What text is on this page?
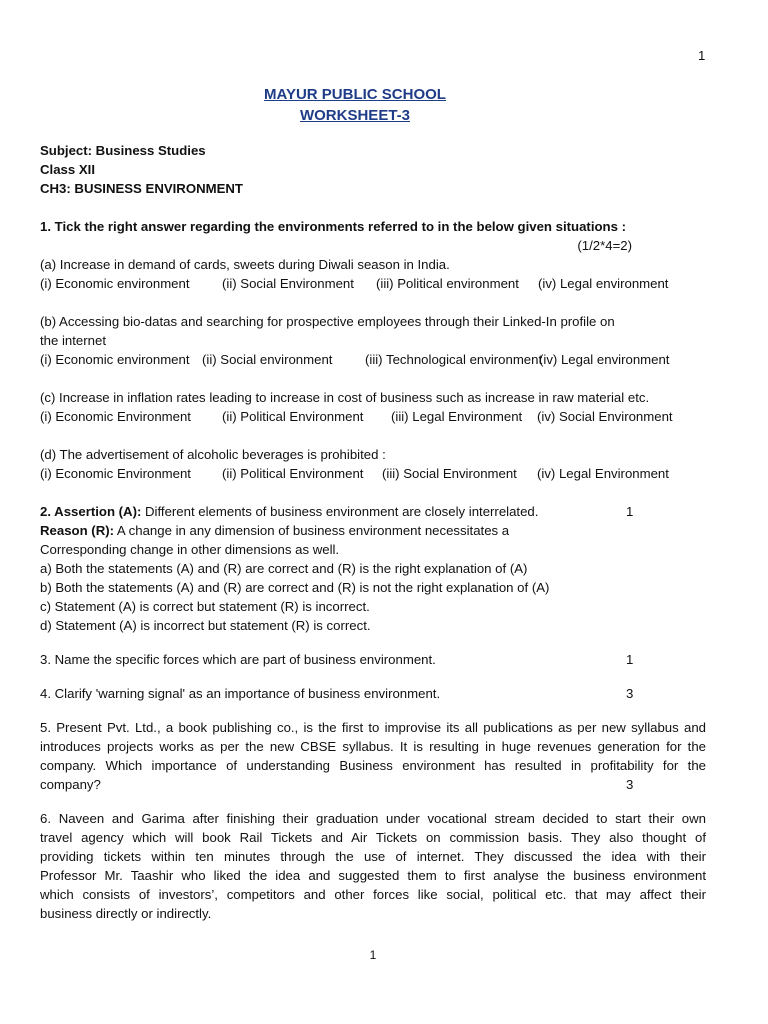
1
MAYUR PUBLIC SCHOOL
WORKSHEET-3
Subject: Business Studies
Class XII
CH3: BUSINESS ENVIRONMENT
1. Tick the right answer regarding the environments referred to in the below given situations :
(1/2*4=2)
(a) Increase in demand of cards, sweets during Diwali season in India.
(i) Economic environment	(ii) Social Environment	(iii) Political environment	(iv) Legal environment
(b) Accessing bio-datas and searching for prospective employees through their Linked-In profile on
the internet
(i) Economic environment (ii) Social environment	(iii) Technological environment
(iv) Legal environment
(c) Increase in inflation rates leading to increase in cost of business such as increase in raw material etc.
(i) Economic Environment	(ii) Political Environment	(iii) Legal Environment	(iv) Social Environment
(d) The advertisement of alcoholic beverages is prohibited :
(i) Economic Environment	(ii) Political Environment	(iii) Social Environment	(iv) Legal Environment
2. Assertion (A): Different elements of business environment are closely interrelated.	1
Reason (R): A change in any dimension of business environment necessitates a
Corresponding change in other dimensions as well.
a) Both the statements (A) and (R) are correct and (R) is the right explanation of (A)
b) Both the statements (A) and (R) are correct and (R) is not the right explanation of (A)
c) Statement (A) is correct but statement (R) is incorrect.
d) Statement (A) is incorrect but statement (R) is correct.
3. Name the specific forces which are part of business environment.	1
4. Clarify 'warning signal' as an importance of business environment.	3
5. Present Pvt. Ltd., a book publishing co., is the first to improvise its all publications as per new syllabus and
introduces projects works as per the new CBSE syllabus. It is resulting in huge revenues generation for the
company. Which importance of understanding Business environment has resulted in profitability for the
company?	3
6. Naveen and Garima after finishing their graduation under vocational stream decided to start their own
travel agency which will book Rail Tickets and Air Tickets on commission basis. They also thought of
providing tickets within ten minutes through the use of internet. They discussed the idea with their
Professor Mr. Taashir who liked the idea and suggested them to first analyse the business environment
which consists of investors’, competitors and other forces like social, political etc. that may affect their
business directly or indirectly.
1
